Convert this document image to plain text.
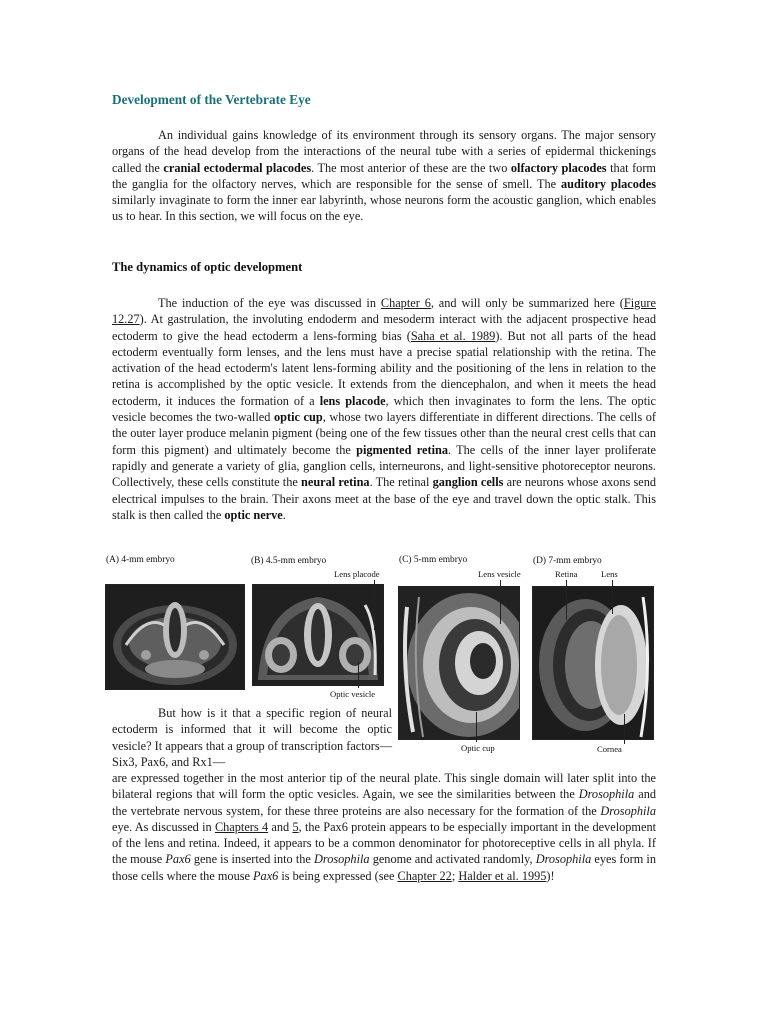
Development of the Vertebrate Eye
An individual gains knowledge of its environment through its sensory organs. The major sensory organs of the head develop from the interactions of the neural tube with a series of epidermal thickenings called the cranial ectodermal placodes. The most anterior of these are the two olfactory placodes that form the ganglia for the olfactory nerves, which are responsible for the sense of smell. The auditory placodes similarly invaginate to form the inner ear labyrinth, whose neurons form the acoustic ganglion, which enables us to hear. In this section, we will focus on the eye.
The dynamics of optic development
The induction of the eye was discussed in Chapter 6, and will only be summarized here (Figure 12.27). At gastrulation, the involuting endoderm and mesoderm interact with the adjacent prospective head ectoderm to give the head ectoderm a lens-forming bias (Saha et al. 1989). But not all parts of the head ectoderm eventually form lenses, and the lens must have a precise spatial relationship with the retina. The activation of the head ectoderm's latent lens-forming ability and the positioning of the lens in relation to the retina is accomplished by the optic vesicle. It extends from the diencephalon, and when it meets the head ectoderm, it induces the formation of a lens placode, which then invaginates to form the lens. The optic vesicle becomes the two-walled optic cup, whose two layers differentiate in different directions. The cells of the outer layer produce melanin pigment (being one of the few tissues other than the neural crest cells that can form this pigment) and ultimately become the pigmented retina. The cells of the inner layer proliferate rapidly and generate a variety of glia, ganglion cells, interneurons, and light-sensitive photoreceptor neurons. Collectively, these cells constitute the neural retina. The retinal ganglion cells are neurons whose axons send electrical impulses to the brain. Their axons meet at the base of the eye and travel down the optic stalk. This stalk is then called the optic nerve.
(A) 4-mm embryo	(B) 4.5-mm embryo	(C) 5-mm embryo	(D) 7-mm embryo
Lens placode
Optic vesicle
Lens vesicle
Optic cup
Retina	Lens
Cornea
But how is it that a specific region of neural ectoderm is informed that it will become the optic vesicle? It appears that a group of transcription factors—Six3, Pax6, and Rx1—
are expressed together in the most anterior tip of the neural plate. This single domain will later split into the bilateral regions that will form the optic vesicles. Again, we see the similarities between the Drosophila and the vertebrate nervous system, for these three proteins are also necessary for the formation of the Drosophila eye. As discussed in Chapters 4 and 5, the Pax6 protein appears to be especially important in the development of the lens and retina. Indeed, it appears to be a common denominator for photoreceptive cells in all phyla. If the mouse Pax6 gene is inserted into the Drosophila genome and activated randomly, Drosophila eyes form in those cells where the mouse Pax6 is being expressed (see Chapter 22; Halder et al. 1995)!
